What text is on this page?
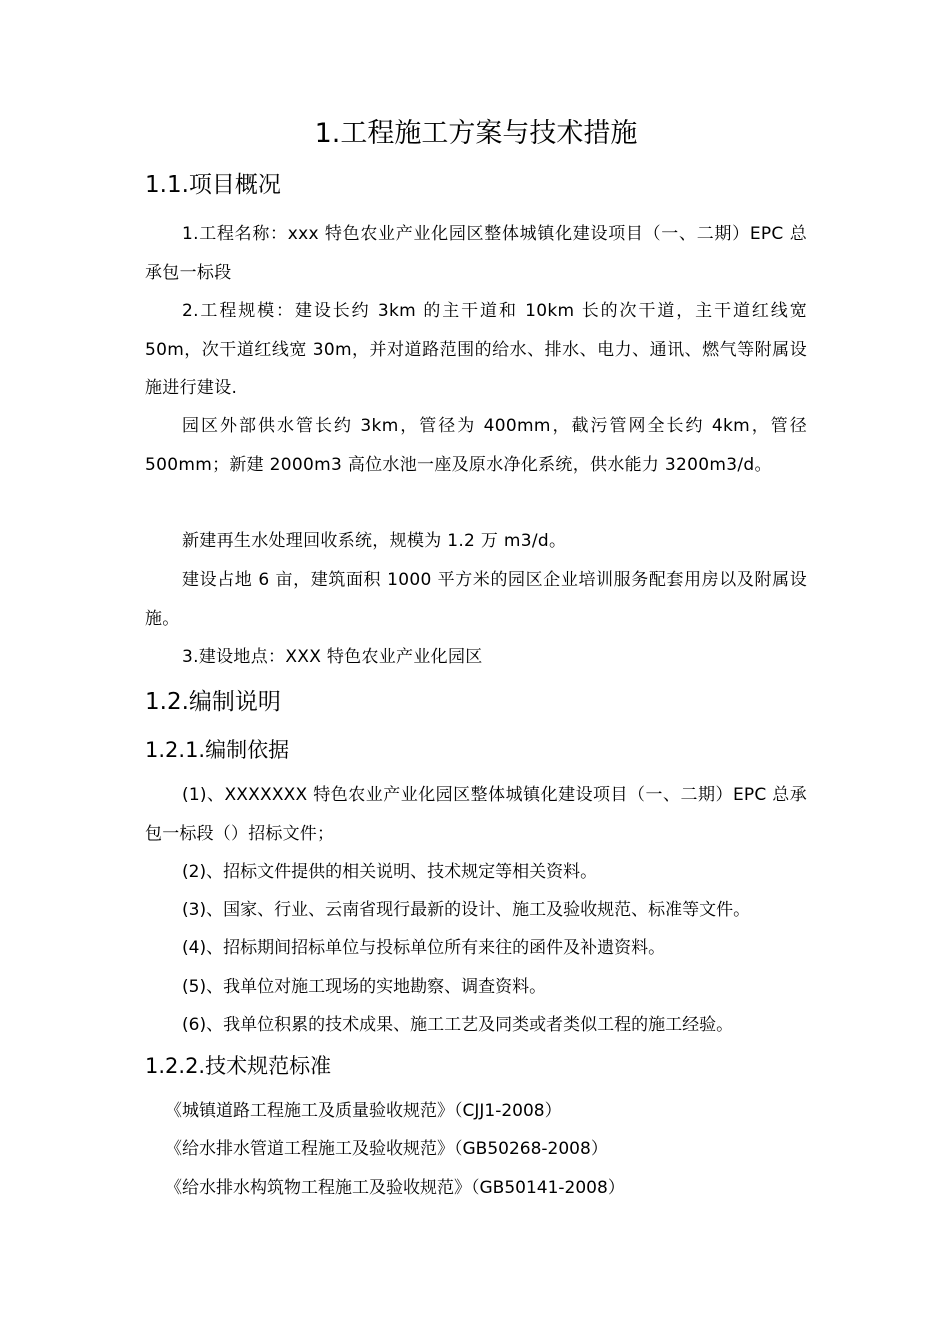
1.工程施工方案与技术措施
1.1.项目概况

1.工程名称：xxx 特色农业产业化园区整体城镇化建设项目（一、二期）EPC 总承包一标段

2.工程规模：建设长约 3km 的主干道和 10km 长的次干道，主干道红线宽 50m，次干道红线宽 30m，并对道路范围的给水、排水、电力、通讯、燃气等附属设施进行建设.

园区外部供水管长约 3km，管径为 400mm，截污管网全长约 4km，管径 500mm；新建 2000m3 高位水池一座及原水净化系统，供水能力 3200m3/d。

新建再生水处理回收系统，规模为 1.2 万 m3/d。

建设占地 6 亩，建筑面积 1000 平方米的园区企业培训服务配套用房以及附属设施。

3.建设地点：XXX 特色农业产业化园区

1.2.编制说明
1.2.1.编制依据

(1)、XXXXXXX 特色农业产业化园区整体城镇化建设项目（一、二期）EPC 总承包一标段（）招标文件；

(2)、招标文件提供的相关说明、技术规定等相关资料。

(3)、国家、行业、云南省现行最新的设计、施工及验收规范、标准等文件。

(4)、招标期间招标单位与投标单位所有来往的函件及补遗资料。

(5)、我单位对施工现场的实地勘察、调查资料。

(6)、我单位积累的技术成果、施工工艺及同类或者类似工程的施工经验。

1.2.2.技术规范标准

《城镇道路工程施工及质量验收规范》（CJJ1-2008）

《给水排水管道工程施工及验收规范》（GB50268-2008）

《给水排水构筑物工程施工及验收规范》（GB50141-2008）
